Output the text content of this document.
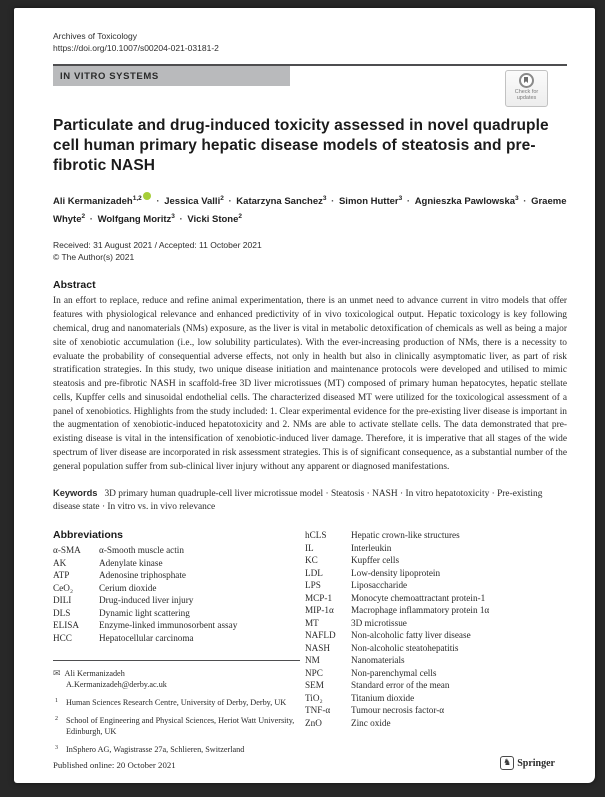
Archives of Toxicology
https://doi.org/10.1007/s00204-021-03181-2
IN VITRO SYSTEMS
Check for
updates
Particulate and drug-induced toxicity assessed in novel quadruple cell human primary hepatic disease models of steatosis and pre-fibrotic NASH
Ali Kermanizadeh$^{1,2}$ · Jessica Valli$^2$ · Katarzyna Sanchez$^3$ · Simon Hutter$^3$ · Agnieszka Pawlowska$^3$ · Graeme Whyte$^2$ · Wolfgang Moritz$^3$ · Vicki Stone$^2$
Received: 31 August 2021 / Accepted: 11 October 2021
© The Author(s) 2021
Abstract
In an effort to replace, reduce and refine animal experimentation, there is an unmet need to advance current in vitro models that offer features with physiological relevance and enhanced predictivity of in vivo toxicological output. Hepatic toxicology is key following chemical, drug and nanomaterials (NMs) exposure, as the liver is vital in metabolic detoxification of chemicals as well as being a major site of xenobiotic accumulation (i.e., low solubility particulates). With the ever-increasing production of NMs, there is a necessity to evaluate the probability of consequential adverse effects, not only in health but also in clinically asymptomatic liver, as part of risk stratification strategies. In this study, two unique disease initiation and maintenance protocols were developed and utilised to mimic steatosis and pre-fibrotic NASH in scaffold-free 3D liver microtissues (MT) composed of primary human hepatocytes, hepatic stellate cells, Kupffer cells and sinusoidal endothelial cells. The characterized diseased MT were utilized for the toxicological assessment of a panel of xenobiotics. Highlights from the study included: 1. Clear experimental evidence for the pre-existing liver disease is important in the augmentation of xenobiotic-induced hepatotoxicity and 2. NMs are able to activate stellate cells. The data demonstrated that pre-existing disease is vital in the intensification of xenobiotic-induced liver damage. Therefore, it is imperative that all stages of the wide spectrum of liver disease are incorporated in risk assessment strategies. This is of significant consequence, as a substantial number of the general population suffer from sub-clinical liver injury without any apparent or diagnosed manifestations.
Keywords 3D primary human quadruple-cell liver microtissue model · Steatosis · NASH · In vitro hepatotoxicity · Pre-existing disease state · In vitro vs. in vivo relevance
Abbreviations
α-SMA	α-Smooth muscle actin
AK	Adenylate kinase
ATP	Adenosine triphosphate
CeO₂	Cerium dioxide
DILI	Drug-induced liver injury
DLS	Dynamic light scattering
ELISA	Enzyme-linked immunosorbent assay
HCC	Hepatocellular carcinoma
✉ Ali Kermanizadeh
A.Kermanizadeh@derby.ac.uk
1 Human Sciences Research Centre, University of Derby, Derby, UK
2 School of Engineering and Physical Sciences, Heriot Watt University, Edinburgh, UK
3 InSphero AG, Wagistrasse 27a, Schlieren, Switzerland
hCLS	Hepatic crown-like structures
IL	Interleukin
KC	Kupffer cells
LDL	Low-density lipoprotein
LPS	Liposaccharide
MCP-1	Monocyte chemoattractant protein-1
MIP-1α	Macrophage inflammatory protein 1α
MT	3D microtissue
NAFLD	Non-alcoholic fatty liver disease
NASH	Non-alcoholic steatohepatitis
NM	Nanomaterials
NPC	Non-parenchymal cells
SEM	Standard error of the mean
TiO₂	Titanium dioxide
TNF-α	Tumour necrosis factor-α
ZnO	Zinc oxide
Published online: 20 October 2021	♞ Springer
